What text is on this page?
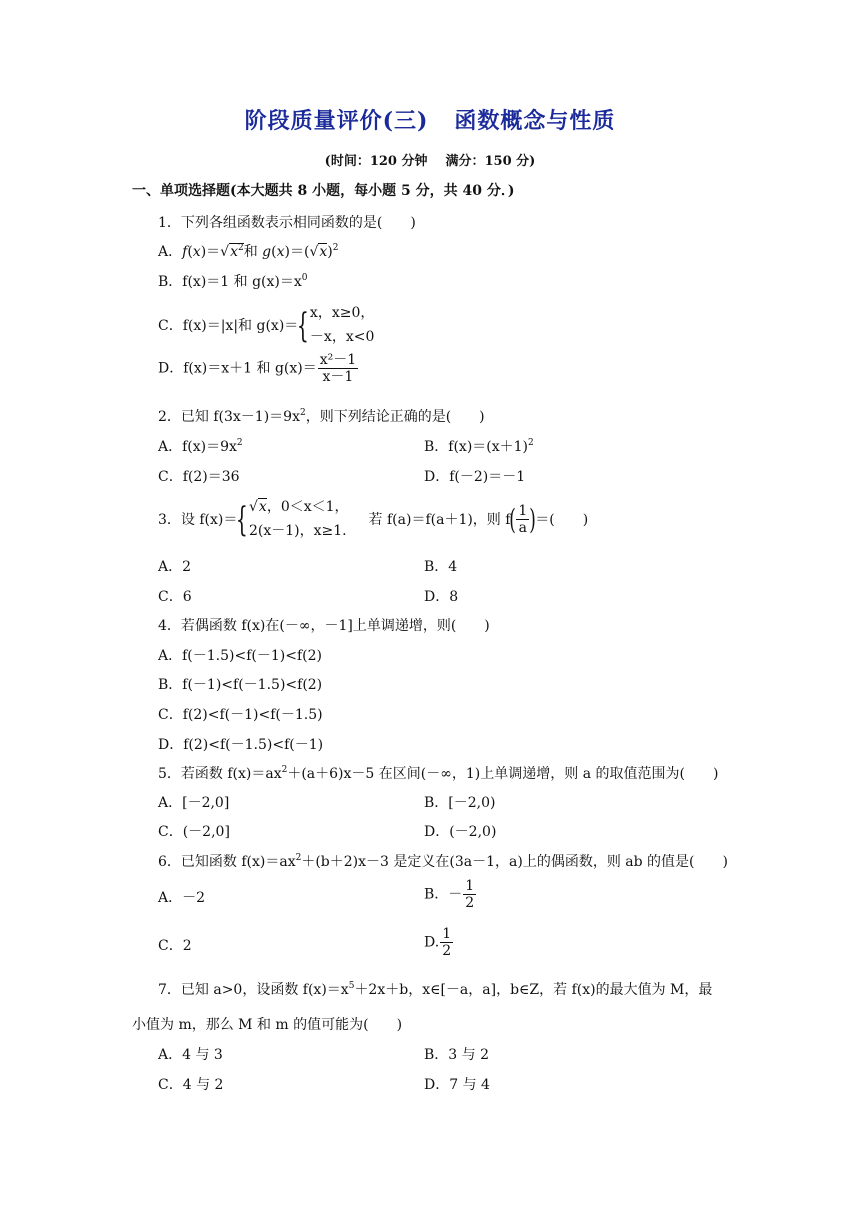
阶段质量评价(三) 函数概念与性质
(时间：120 分钟 满分：150 分)
一、单项选择题(本大题共 8 小题，每小题 5 分，共 40 分．)
1．下列各组函数表示相同函数的是(　　)
A．$f(x)=√x^2$和 $g(x)=(√x)^2$
B．f(x)＝1 和 $g(x)=x^0$
C．f(x)＝|x|和 g(x)＝{ x，x≥0，
－x，x<0
D．f(x)＝x＋1 和 $g(x)= \frac{\text{x²－1}}{x-1}$
2．已知 $f(3x-1)=9x^2$，则下列结论正确的是(　　)
A．$f(x)=9x^2$	B．$f(x)=(x+1)^2$
C．f(2)＝36	D．f(－2)＝－1
3．设 f(x)＝{ √x，0＜x＜1，
2(x－1)，x≥1.
若 f(a)＝f(a＋1)，则 $f( \frac{1}{a}$ )＝(　　)
A．2	B．4
C．6	D．8
4．若偶函数 f(x)在(－∞，－1]上单调递增，则(　　)
A．f(－1.5)<f(－1)<f(2)
B．f(－1)<f(－1.5)<f(2)
C．f(2)<f(－1)<f(－1.5)
D．f(2)<f(－1.5)<f(－1)
5．若函数 $f(x)=ax^2+(a+6)x-5$ 在区间(－∞，1)上单调递增，则 a 的取值范围为(　　)
A．[－2,0]	B．[－2,0)
C．(－2,0]	D．(－2,0)
6．已知函数 $f(x)=ax^2+(b+2)x-3$ 是定义在(3a－1，a)上的偶函数，则 ab 的值是(　　)
A．－2	B．－ $\frac{1}{2}$
C．2	D. $\frac{1}{2}$
7．已知 a>0，设函数 $f(x)=x^5+2x+b$，x∈[－a，a]，b∈Z，若 f(x)的最大值为 M，最
小值为 m，那么 M 和 m 的值可能为(　　)
A．4 与 3	B．3 与 2
C．4 与 2	D．7 与 4
